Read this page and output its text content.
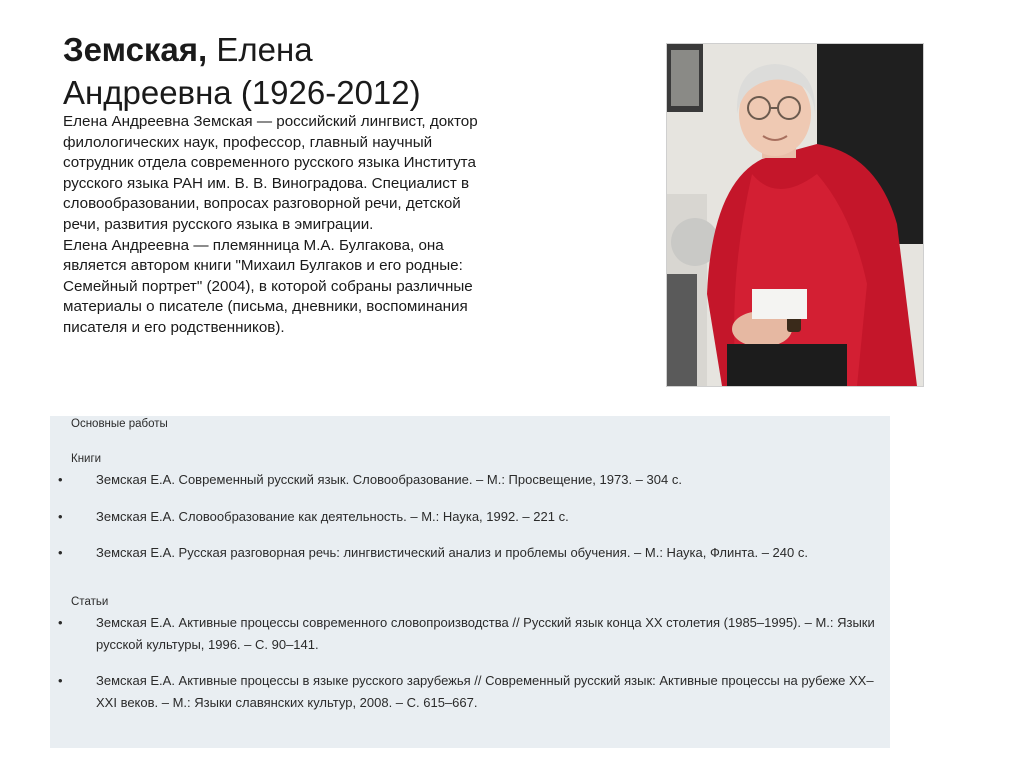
Земская, Елена Андреевна (1926-2012)

Елена Андреевна Земская — российский лингвист, доктор филологических наук, профессор, главный научный сотрудник отдела современного русского языка Института русского языка РАН им. В. В. Виноградова. Специалист в словообразовании, вопросах разговорной речи, детской речи, развития русского языка в эмиграции.

Елена Андреевна — племянница М.А. Булгакова, она является автором книги "Михаил Булгаков и его родные: Семейный портрет" (2004), в которой собраны различные материалы о писателе (письма, дневники, воспоминания писателя и его родственников).

Основные работы
Книги
•	Земская Е.А. Современный русский язык. Словообразование. – М.: Просвещение, 1973. – 304 с.
•	Земская Е.А. Словообразование как деятельность. – М.: Наука, 1992. – 221 с.
•	Земская Е.А. Русская разговорная речь: лингвистический анализ и проблемы обучения. – М.: Наука, Флинта. – 240 с.
Статьи
•	Земская Е.А. Активные процессы современного словопроизводства // Русский язык конца XX столетия (1985–1995). – М.: Языки русской культуры, 1996. – С. 90–141.
•	Земская Е.А. Активные процессы в языке русского зарубежья // Современный русский язык: Активные процессы на рубеже XX–XXI веков. – М.: Языки славянских культур, 2008. – С. 615–667.
